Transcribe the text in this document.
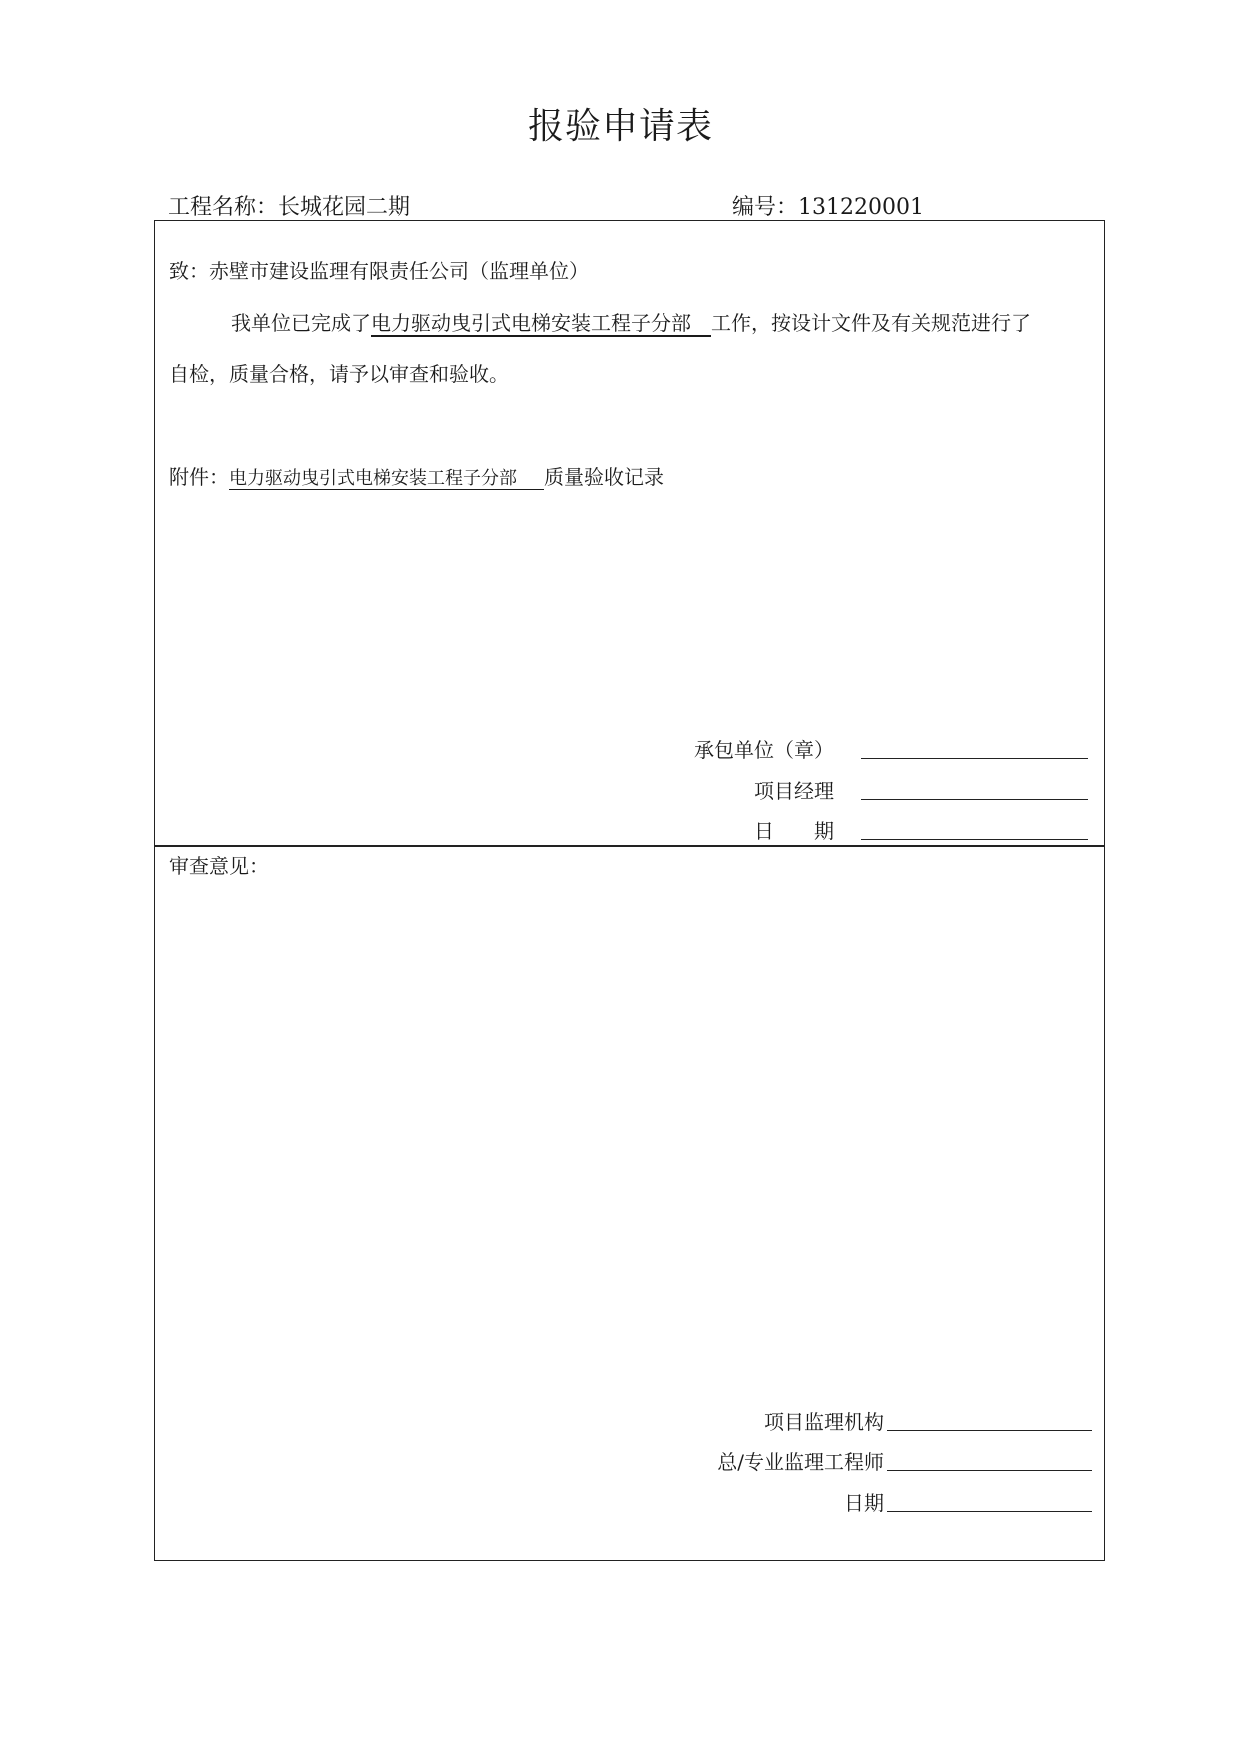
报验申请表
工程名称：长城花园二期	编号：131220001
致：赤壁市建设监理有限责任公司（监理单位）
我单位已完成了电力驱动曳引式电梯安装工程子分部  工作，按设计文件及有关规范进行了
自检，质量合格，请予以审查和验收。
附件：电力驱动曳引式电梯安装工程子分部   质量验收记录
承包单位（章）
项目经理
日　　期
审查意见：
项目监理机构
总/专业监理工程师
日期
